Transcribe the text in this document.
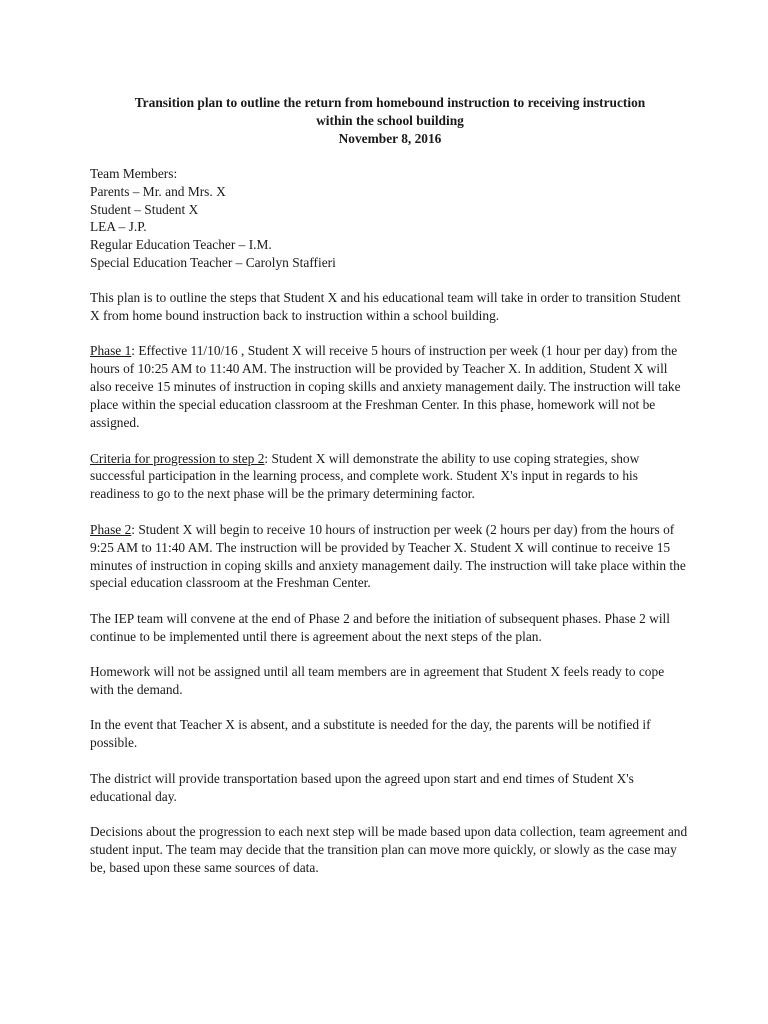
Transition plan to outline the return from homebound instruction to receiving instruction
within the school building
November 8, 2016
Team Members:
Parents – Mr. and Mrs. X
Student – Student X
LEA – J.P.
Regular Education Teacher – I.M.
Special Education Teacher – Carolyn Staffieri

This plan is to outline the steps that Student X and his educational team will take in order to transition Student X from home bound instruction back to instruction within a school building.

Phase 1: Effective 11/10/16 , Student X will receive 5 hours of instruction per week (1 hour per day) from the hours of 10:25 AM to 11:40 AM. The instruction will be provided by Teacher X. In addition, Student X will also receive 15 minutes of instruction in coping skills and anxiety management daily. The instruction will take place within the special education classroom at the Freshman Center. In this phase, homework will not be assigned.

Criteria for progression to step 2: Student X will demonstrate the ability to use coping strategies, show successful participation in the learning process, and complete work. Student X's input in regards to his readiness to go to the next phase will be the primary determining factor.

Phase 2: Student X will begin to receive 10 hours of instruction per week (2 hours per day) from the hours of 9:25 AM to 11:40 AM. The instruction will be provided by Teacher X. Student X will continue to receive 15 minutes of instruction in coping skills and anxiety management daily. The instruction will take place within the special education classroom at the Freshman Center.

The IEP team will convene at the end of Phase 2 and before the initiation of subsequent phases. Phase 2 will continue to be implemented until there is agreement about the next steps of the plan.

Homework will not be assigned until all team members are in agreement that Student X feels ready to cope with the demand.

In the event that Teacher X is absent, and a substitute is needed for the day, the parents will be notified if possible.

The district will provide transportation based upon the agreed upon start and end times of Student X's educational day.

Decisions about the progression to each next step will be made based upon data collection, team agreement and student input. The team may decide that the transition plan can move more quickly, or slowly as the case may be, based upon these same sources of data.
